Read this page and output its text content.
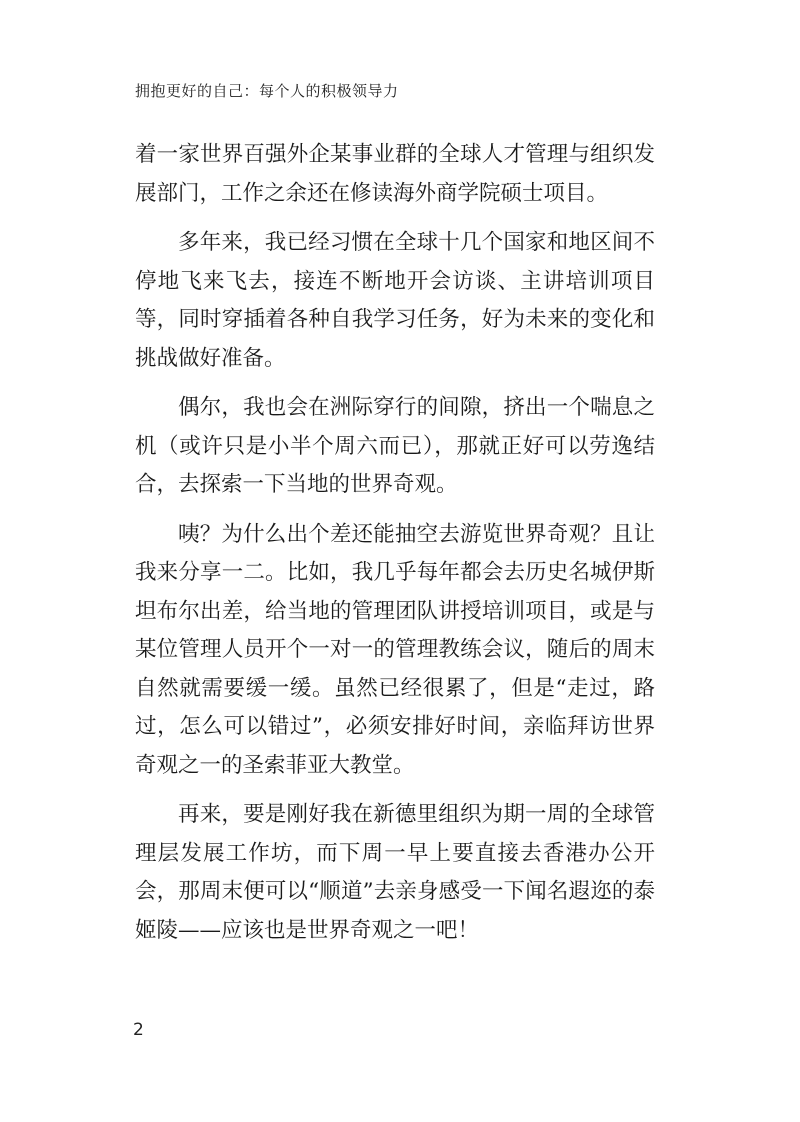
拥抱更好的自己：每个人的积极领导力

着一家世界百强外企某事业群的全球人才管理与组织发展部门，工作之余还在修读海外商学院硕士项目。

多年来，我已经习惯在全球十几个国家和地区间不停地飞来飞去，接连不断地开会访谈、主讲培训项目等，同时穿插着各种自我学习任务，好为未来的变化和挑战做好准备。

偶尔，我也会在洲际穿行的间隙，挤出一个喘息之机（或许只是小半个周六而已），那就正好可以劳逸结合，去探索一下当地的世界奇观。

咦？为什么出个差还能抽空去游览世界奇观？且让我来分享一二。比如，我几乎每年都会去历史名城伊斯坦布尔出差，给当地的管理团队讲授培训项目，或是与某位管理人员开个一对一的管理教练会议，随后的周末自然就需要缓一缓。虽然已经很累了，但是“走过，路过，怎么可以错过”，必须安排好时间，亲临拜访世界奇观之一的圣索菲亚大教堂。

再来，要是刚好我在新德里组织为期一周的全球管理层发展工作坊，而下周一早上要直接去香港办公开会，那周末便可以“顺道”去亲身感受一下闻名遐迩的泰姬陵——应该也是世界奇观之一吧！

2
